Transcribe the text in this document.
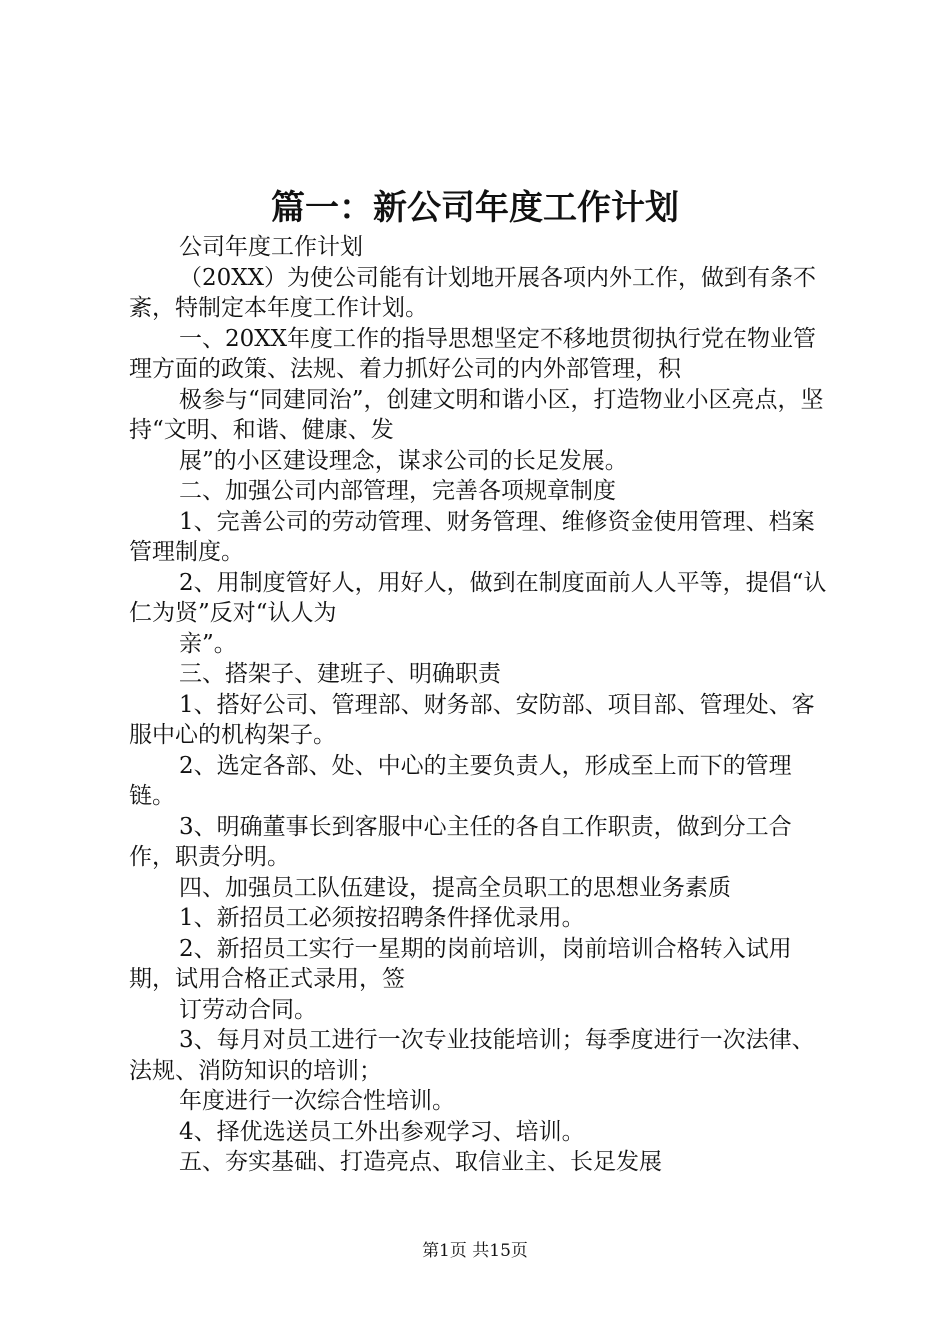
篇一：新公司年度工作计划

公司年度工作计划

（20XX）为使公司能有计划地开展各项内外工作，做到有条不紊，特制定本年度工作计划。

一、20XX年度工作的指导思想坚定不移地贯彻执行党在物业管理方面的政策、法规、着力抓好公司的内外部管理，积

极参与“同建同治”，创建文明和谐小区，打造物业小区亮点，坚持“文明、和谐、健康、发

展”的小区建设理念，谋求公司的长足发展。

二、加强公司内部管理，完善各项规章制度

1、完善公司的劳动管理、财务管理、维修资金使用管理、档案管理制度。

2、用制度管好人，用好人，做到在制度面前人人平等，提倡“认仁为贤”反对“认人为

亲”。

三、搭架子、建班子、明确职责

1、搭好公司、管理部、财务部、安防部、项目部、管理处、客服中心的机构架子。

2、选定各部、处、中心的主要负责人，形成至上而下的管理链。

3、明确董事长到客服中心主任的各自工作职责，做到分工合作，职责分明。

四、加强员工队伍建设，提高全员职工的思想业务素质

1、新招员工必须按招聘条件择优录用。

2、新招员工实行一星期的岗前培训，岗前培训合格转入试用期，试用合格正式录用，签

订劳动合同。

3、每月对员工进行一次专业技能培训；每季度进行一次法律、法规、消防知识的培训；

年度进行一次综合性培训。

4、择优选送员工外出参观学习、培训。

五、夯实基础、打造亮点、取信业主、长足发展

第1页 共15页
